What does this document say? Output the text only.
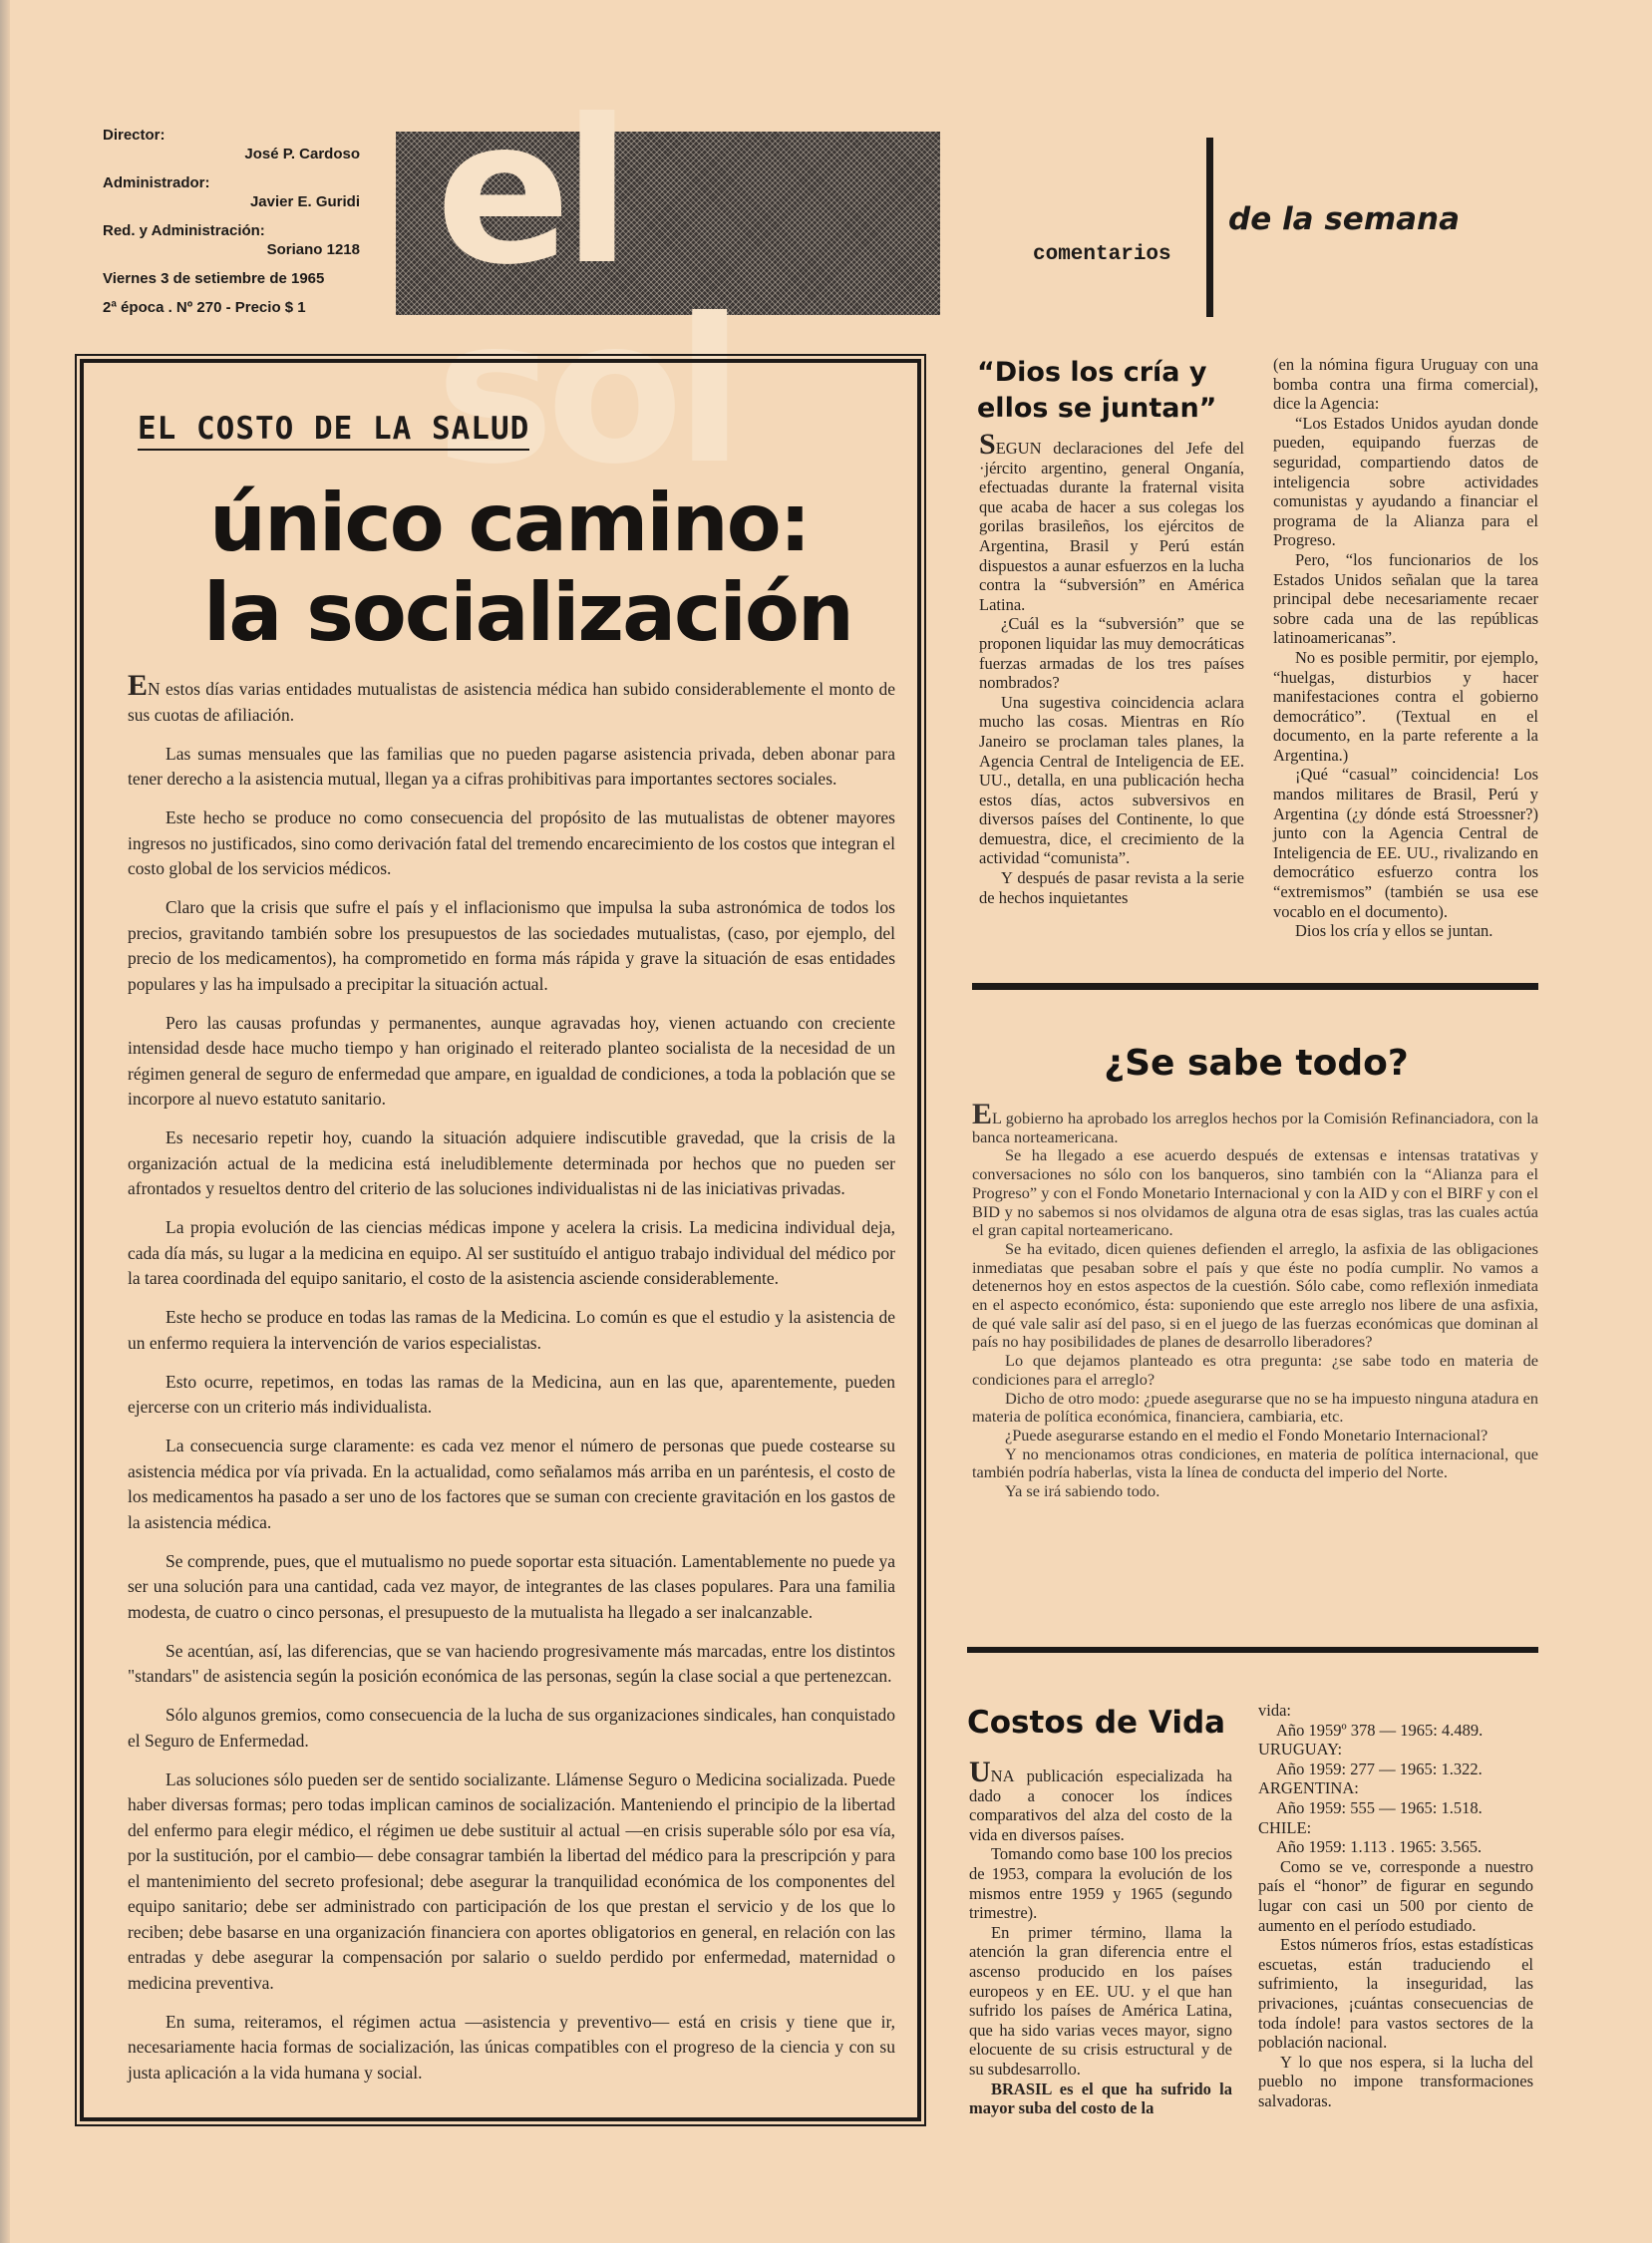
Director:
José P. Cardoso
Administrador:
Javier E. Guridi
Red. y Administración:
Soriano 1218
Viernes 3 de setiembre de 1965
2ª época . Nº 270 - Precio $ 1 el sol
comentarios
de la semana
EL COSTO DE LA SALUD
único camino:
la socialización

EN estos días varias entidades mutualistas de asistencia médica han subido considerablemente el monto de sus cuotas de afiliación.

Las sumas mensuales que las familias que no pueden pagarse asistencia privada, deben abonar para tener derecho a la asistencia mutual, llegan ya a cifras prohibitivas para importantes sectores sociales.

Este hecho se produce no como consecuencia del propósito de las mutualistas de obtener mayores ingresos no justificados, sino como derivación fatal del tremendo encarecimiento de los costos que integran el costo global de los servicios médicos.

Claro que la crisis que sufre el país y el inflacionismo que impulsa la suba astronómica de todos los precios, gravitando también sobre los presupuestos de las sociedades mutualistas, (caso, por ejemplo, del precio de los medicamentos), ha comprometido en forma más rápida y grave la situación de esas entidades populares y las ha impulsado a precipitar la situación actual.

Pero las causas profundas y permanentes, aunque agravadas hoy, vienen actuando con creciente intensidad desde hace mucho tiempo y han originado el reiterado planteo socialista de la necesidad de un régimen general de seguro de enfermedad que ampare, en igualdad de condiciones, a toda la población que se incorpore al nuevo estatuto sanitario.

Es necesario repetir hoy, cuando la situación adquiere indiscutible gravedad, que la crisis de la organización actual de la medicina está ineludiblemente determinada por hechos que no pueden ser afrontados y resueltos dentro del criterio de las soluciones individualistas ni de las iniciativas privadas.

La propia evolución de las ciencias médicas impone y acelera la crisis. La medicina individual deja, cada día más, su lugar a la medicina en equipo. Al ser sustituído el antiguo trabajo individual del médico por la tarea coordinada del equipo sanitario, el costo de la asistencia asciende considerablemente.

Este hecho se produce en todas las ramas de la Medicina. Lo común es que el estudio y la asistencia de un enfermo requiera la intervención de varios especialistas.

Esto ocurre, repetimos, en todas las ramas de la Medicina, aun en las que, aparentemente, pueden ejercerse con un criterio más individualista.

La consecuencia surge claramente: es cada vez menor el número de personas que puede costearse su asistencia médica por vía privada. En la actualidad, como señalamos más arriba en un paréntesis, el costo de los medicamentos ha pasado a ser uno de los factores que se suman con creciente gravitación en los gastos de la asistencia médica.

Se comprende, pues, que el mutualismo no puede soportar esta situación. Lamentablemente no puede ya ser una solución para una cantidad, cada vez mayor, de integrantes de las clases populares. Para una familia modesta, de cuatro o cinco personas, el presupuesto de la mutualista ha llegado a ser inalcanzable.

Se acentúan, así, las diferencias, que se van haciendo progresivamente más marcadas, entre los distintos "standars" de asistencia según la posición económica de las personas, según la clase social a que pertenezcan.

Sólo algunos gremios, como consecuencia de la lucha de sus organizaciones sindicales, han conquistado el Seguro de Enfermedad.

Las soluciones sólo pueden ser de sentido socializante. Llámense Seguro o Medicina socializada. Puede haber diversas formas; pero todas implican caminos de socialización. Manteniendo el principio de la libertad del enfermo para elegir médico, el régimen ue debe sustituir al actual —en crisis superable sólo por esa vía, por la sustitución, por el cambio— debe consagrar también la libertad del médico para la prescripción y para el mantenimiento del secreto profesional; debe asegurar la tranquilidad económica de los componentes del equipo sanitario; debe ser administrado con participación de los que prestan el servicio y de los que lo reciben; debe basarse en una organización financiera con aportes obligatorios en general, en relación con las entradas y debe asegurar la compensación por salario o sueldo perdido por enfermedad, maternidad o medicina preventiva.

En suma, reiteramos, el régimen actua —asistencia y preventivo— está en crisis y tiene que ir, necesariamente hacia formas de socialización, las únicas compatibles con el progreso de la ciencia y con su justa aplicación a la vida humana y social.

“Dios los cría y ellos se juntan”

SEGUN declaraciones del Jefe del ·jército argentino, general Onganía, efectuadas durante la fraternal visita que acaba de hacer a sus colegas los gorilas brasileños, los ejércitos de Argentina, Brasil y Perú están dispuestos a aunar esfuerzos en la lucha contra la “subversión” en América Latina.

¿Cuál es la “subversión” que se proponen liquidar las muy democráticas fuerzas armadas de los tres países nombrados?

Una sugestiva coincidencia aclara mucho las cosas. Mientras en Río Janeiro se proclaman tales planes, la Agencia Central de Inteligencia de EE. UU., detalla, en una publicación hecha estos días, actos subversivos en diversos países del Continente, lo que demuestra, dice, el crecimiento de la actividad “comunista”.

Y después de pasar revista a la serie de hechos inquietantes

(en la nómina figura Uruguay con una bomba contra una firma comercial), dice la Agencia:

“Los Estados Unidos ayudan donde pueden, equipando fuerzas de seguridad, compartiendo datos de inteligencia sobre actividades comunistas y ayudando a financiar el programa de la Alianza para el Progreso.

Pero, “los funcionarios de los Estados Unidos señalan que la tarea principal debe necesariamente recaer sobre cada una de las repúblicas latinoamericanas”.

No es posible permitir, por ejemplo, “huelgas, disturbios y hacer manifestaciones contra el gobierno democrático”. (Textual en el documento, en la parte referente a la Argentina.)

¡Qué “casual” coincidencia! Los mandos militares de Brasil, Perú y Argentina (¿y dónde está Stroessner?) junto con la Agencia Central de Inteligencia de EE. UU., rivalizando en democrático esfuerzo contra los “extremismos” (también se usa ese vocablo en el documento).

Dios los cría y ellos se juntan.

¿Se sabe todo?

EL gobierno ha aprobado los arreglos hechos por la Comisión Refinanciadora, con la banca norteamericana.

Se ha llegado a ese acuerdo después de extensas e intensas tratativas y conversaciones no sólo con los banqueros, sino también con la “Alianza para el Progreso” y con el Fondo Monetario Internacional y con la AID y con el BIRF y con el BID y no sabemos si nos olvidamos de alguna otra de esas siglas, tras las cuales actúa el gran capital norteamericano.

Se ha evitado, dicen quienes defienden el arreglo, la asfixia de las obligaciones inmediatas que pesaban sobre el país y que éste no podía cumplir. No vamos a detenernos hoy en estos aspectos de la cuestión. Sólo cabe, como reflexión inmediata en el aspecto económico, ésta: suponiendo que este arreglo nos libere de una asfixia, de qué vale salir así del paso, si en el juego de las fuerzas económicas que dominan al país no hay posibilidades de planes de desarrollo liberadores?

Lo que dejamos planteado es otra pregunta: ¿se sabe todo en materia de condiciones para el arreglo?

Dicho de otro modo: ¿puede asegurarse que no se ha impuesto ninguna atadura en materia de política económica, financiera, cambiaria, etc.

¿Puede asegurarse estando en el medio el Fondo Monetario Internacional?

Y no mencionamos otras condiciones, en materia de política internacional, que también podría haberlas, vista la línea de conducta del imperio del Norte.

Ya se irá sabiendo todo.

Costos de Vida

UNA publicación especializada ha dado a conocer los índices comparativos del alza del costo de la vida en diversos países.

Tomando como base 100 los precios de 1953, compara la evolución de los mismos entre 1959 y 1965 (segundo trimestre).

En primer término, llama la atención la gran diferencia entre el ascenso producido en los países europeos y en EE. UU. y el que han sufrido los países de América Latina, que ha sido varias veces mayor, signo elocuente de su crisis estructural y de su subdesarrollo.

BRASIL es el que ha sufrido la mayor suba del costo de la

vida:

Año 1959º 378 — 1965: 4.489.

URUGUAY:

Año 1959: 277 — 1965: 1.322.

ARGENTINA:

Año 1959: 555 — 1965: 1.518.

CHILE:

Año 1959: 1.113 . 1965: 3.565.

Como se ve, corresponde a nuestro país el “honor” de figurar en segundo lugar con casi un 500 por ciento de aumento en el período estudiado.

Estos números fríos, estas estadísticas escuetas, están traduciendo el sufrimiento, la inseguridad, las privaciones, ¡cuántas consecuencias de toda índole! para vastos sectores de la población nacional.

Y lo que nos espera, si la lucha del pueblo no impone transformaciones salvadoras.
